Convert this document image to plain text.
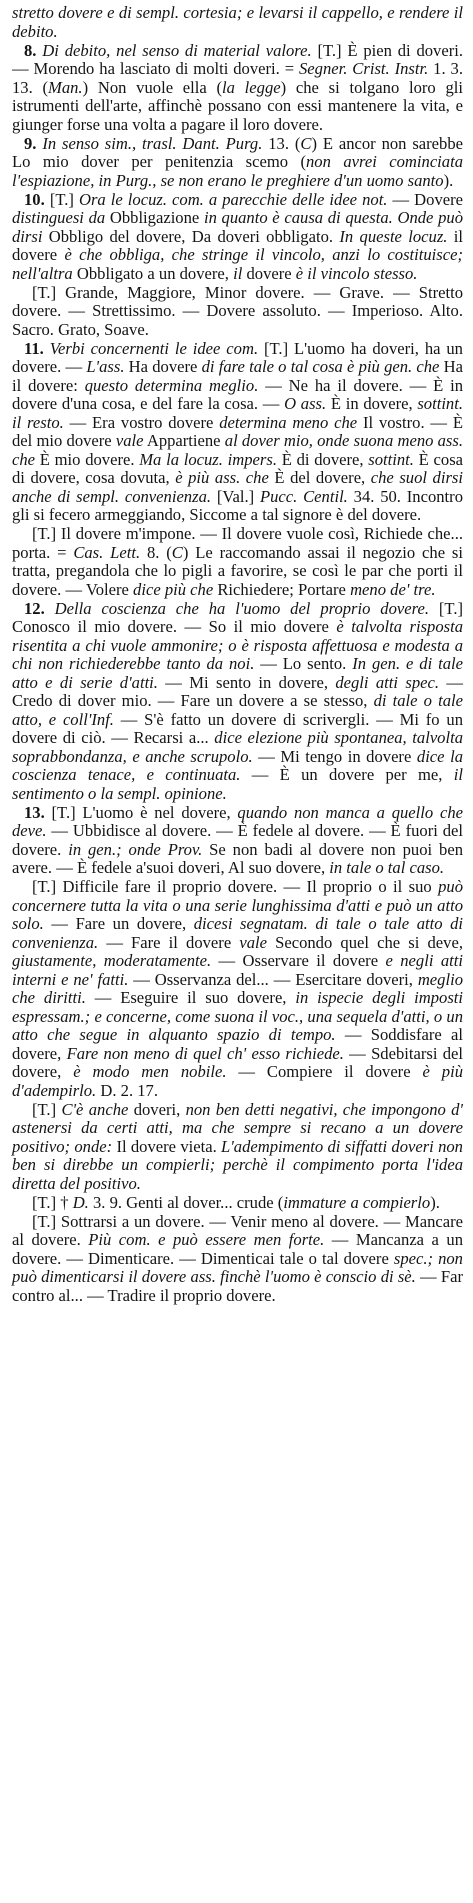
stretto dovere e di sempl. cortesia; e levarsi il cappello, e rendere il debito.

8. Di debito, nel senso di material valore. [T.] È pien di doveri. — Morendo ha lasciato di molti doveri. = Segner. Crist. Instr. 1. 3. 13. (Man.) Non vuole ella (la legge) che si tolgano loro gli istrumenti dell'arte, affinchè possano con essi mantenere la vita, e giunger forse una volta a pagare il loro dovere.

9. In senso sim., trasl. Dant. Purg. 13. (C) E ancor non sarebbe Lo mio dover per penitenzia scemo (non avrei cominciata l'espiazione, in Purg., se non erano le preghiere d'un uomo santo).

10. [T.] Ora le locuz. com. a parecchie delle idee not. — Dovere distinguesi da Obbligazione in quanto è causa di questa. Onde può dirsi Obbligo del dovere, Da doveri obbligato. In queste locuz. il dovere è che obbliga, che stringe il vincolo, anzi lo costituisce; nell'altra Obbligato a un dovere, il dovere è il vincolo stesso.

[T.] Grande, Maggiore, Minor dovere. — Grave. — Stretto dovere. — Strettissimo. — Dovere assoluto. — Imperioso. Alto. Sacro. Grato, Soave.

11. Verbi concernenti le idee com. [T.] L'uomo ha doveri, ha un dovere. — L'ass. Ha dovere di fare tale o tal cosa è più gen. che Ha il dovere: questo determina meglio. — Ne ha il dovere. — È in dovere d'una cosa, e del fare la cosa. — O ass. È in dovere, sottint. il resto. — Era vostro dovere determina meno che Il vostro. — È del mio dovere vale Appartiene al dover mio, onde suona meno ass. che È mio dovere. Ma la locuz. impers. È di dovere, sottint. È cosa di dovere, cosa dovuta, è più ass. che È del dovere, che suol dirsi anche di sempl. convenienza. [Val.] Pucc. Centil. 34. 50. Incontro gli si fecero armeggiando, Siccome a tal signore è del dovere.

[T.] Il dovere m'impone. — Il dovere vuole così, Richiede che... porta. = Cas. Lett. 8. (C) Le raccomando assai il negozio che si tratta, pregandola che lo pigli a favorire, se così le par che porti il dovere. — Volere dice più che Richiedere; Portare meno de' tre.

12. Della coscienza che ha l'uomo del proprio dovere. [T.] Conosco il mio dovere. — So il mio dovere è talvolta risposta risentita a chi vuole ammonire; o è risposta affettuosa e modesta a chi non richiederebbe tanto da noi. — Lo sento. In gen. e di tale atto e di serie d'atti. — Mi sento in dovere, degli atti spec. — Credo di dover mio. — Fare un dovere a se stesso, di tale o tale atto, e coll'Inf. — S'è fatto un dovere di scrivergli. — Mi fo un dovere di ciò. — Recarsi a... dice elezione più spontanea, talvolta soprabbondanza, e anche scrupolo. — Mi tengo in dovere dice la coscienza tenace, e continuata. — È un dovere per me, il sentimento o la sempl. opinione.

13. [T.] L'uomo è nel dovere, quando non manca a quello che deve. — Ubbidisce al dovere. — È fedele al dovere. — È fuori del dovere. in gen.; onde Prov. Se non badi al dovere non puoi ben avere. — È fedele a'suoi doveri, Al suo dovere, in tale o tal caso.

[T.] Difficile fare il proprio dovere. — Il proprio o il suo può concernere tutta la vita o una serie lunghissima d'atti e può un atto solo. — Fare un dovere, dicesi segnatam. di tale o tale atto di convenienza. — Fare il dovere vale Secondo quel che si deve, giustamente, moderatamente. — Osservare il dovere e negli atti interni e ne' fatti. — Osservanza del... — Esercitare doveri, meglio che diritti. — Eseguire il suo dovere, in ispecie degli imposti espressam.; e concerne, come suona il voc., una sequela d'atti, o un atto che segue in alquanto spazio di tempo. — Soddisfare al dovere, Fare non meno di quel ch' esso richiede. — Sdebitarsi del dovere, è modo men nobile. — Compiere il dovere è più d'adempirlo. D. 2. 17.

[T.] C'è anche doveri, non ben detti negativi, che impongono d' astenersi da certi atti, ma che sempre si recano a un dovere positivo; onde: Il dovere vieta. L'adempimento di siffatti doveri non ben si direbbe un compierli; perchè il compimento porta l'idea diretta del positivo.

[T.] † D. 3. 9. Genti al dover... crude (immature a compierlo).

[T.] Sottrarsi a un dovere. — Venir meno al dovere. — Mancare al dovere. Più com. e può essere men forte. — Mancanza a un dovere. — Dimenticare. — Dimenticai tale o tal dovere spec.; non può dimenticarsi il dovere ass. finchè l'uomo è conscio di sè. — Far contro al... — Tradire il proprio dovere.
